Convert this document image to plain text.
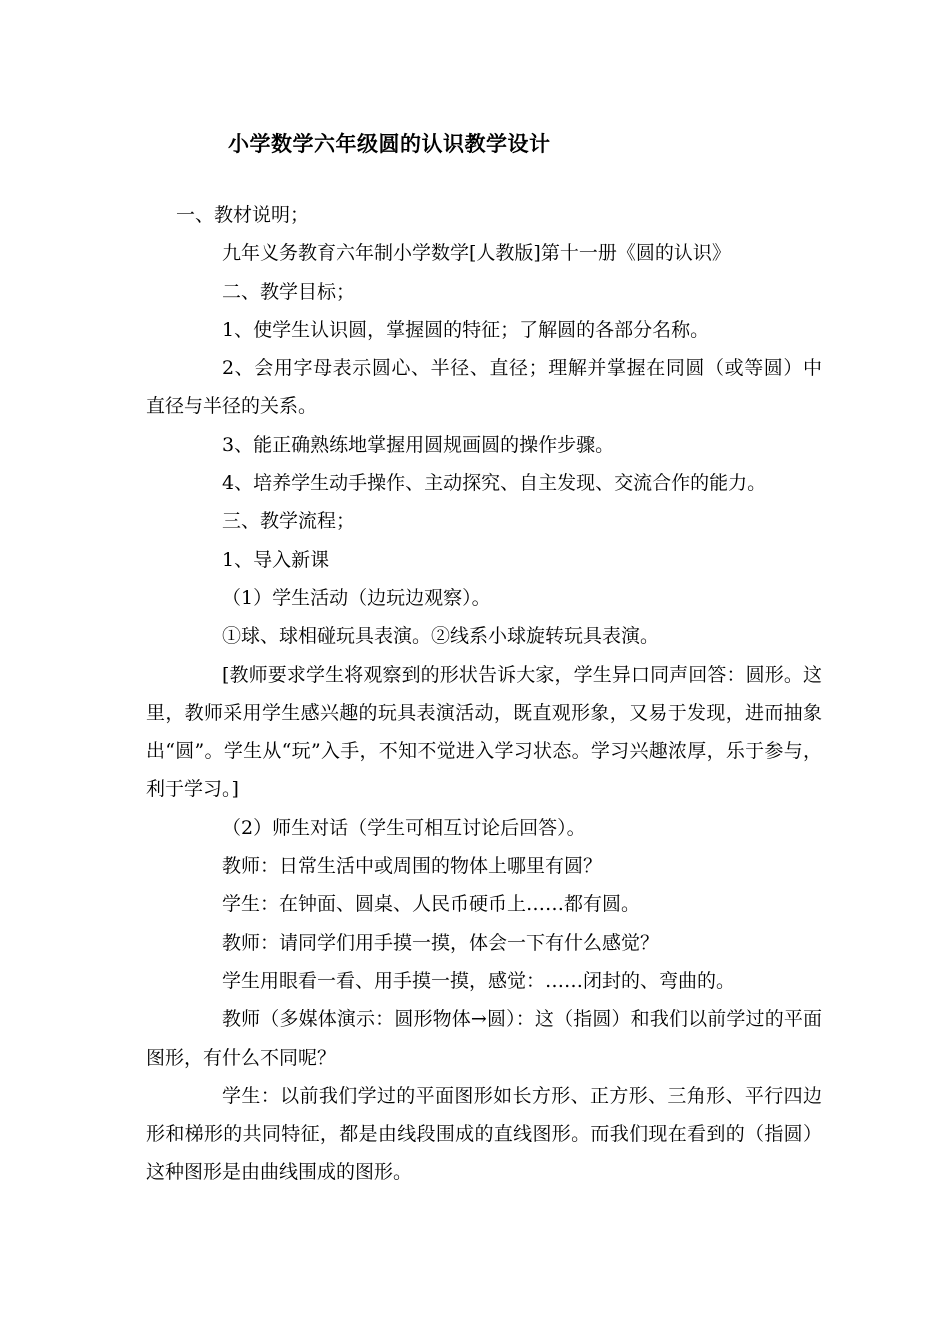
小学数学六年级圆的认识教学设计

一、教材说明；

九年义务教育六年制小学数学[人教版]第十一册《圆的认识》

二、教学目标；

1、使学生认识圆，掌握圆的特征；了解圆的各部分名称。

2、会用字母表示圆心、半径、直径；理解并掌握在同圆（或等圆）中直径与半径的关系。

3、能正确熟练地掌握用圆规画圆的操作步骤。

4、培养学生动手操作、主动探究、自主发现、交流合作的能力。

三、教学流程；

1、导入新课

（1）学生活动（边玩边观察）。

①球、球相碰玩具表演。②线系小球旋转玩具表演。

[教师要求学生将观察到的形状告诉大家，学生异口同声回答：圆形。这里，教师采用学生感兴趣的玩具表演活动，既直观形象，又易于发现，进而抽象出“圆”。学生从“玩”入手，不知不觉进入学习状态。学习兴趣浓厚，乐于参与，利于学习。]

（2）师生对话（学生可相互讨论后回答）。

教师：日常生活中或周围的物体上哪里有圆？

学生：在钟面、圆桌、人民币硬币上……都有圆。

教师：请同学们用手摸一摸，体会一下有什么感觉？

学生用眼看一看、用手摸一摸，感觉：……闭封的、弯曲的。

教师（多媒体演示：圆形物体→圆）：这（指圆）和我们以前学过的平面图形，有什么不同呢？

学生：以前我们学过的平面图形如长方形、正方形、三角形、平行四边形和梯形的共同特征，都是由线段围成的直线图形。而我们现在看到的（指圆）这种图形是由曲线围成的图形。
